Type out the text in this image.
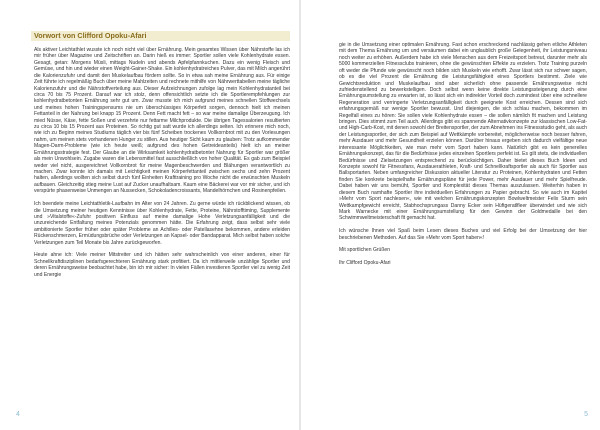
Vorwort von Clifford Opoku-Afari

Als aktiver Leichtathlet wusste ich noch nicht viel über Ernährung. Mein gesamtes Wissen über Nährstoffe las ich mir früher über Magazine und Zeitschriften an. Darin hieß es immer: Sportler sollen viele Kohlenhydrate essen. Gesagt, getan: Morgens Müsli, mittags Nudeln und abends Apfelpfannkuchen. Dazu ein wenig Fleisch und Gemüse, und hin und wieder einen Weight-Gainer-Shake. Ein kohlenhydratreiches Pulver, das mit Milch angerührt die Kalorienzufuhr und damit den Muskelaufbau fördern sollte. So in etwa sah meine Ernährung aus. Für einige Zeit führte ich regelmäßig Buch über meine Mahlzeiten und rechnete mithilfe von Nährwerttabellen meine tägliche Kalorienzufuhr und die Nährstoffverteilung aus. Dieser Aufzeichnungen zufolge lag mein Kohlenhydratanteil bei circa 70 bis 75 Prozent. Darauf war ich stolz, denn offensichtlich setzte ich die Sportlerempfehlungen zur kohlenhydratbetonten Ernährung sehr gut um. Zwar musste ich mich aufgrund meines schnellen Stoffwechsels und meines hohen Trainingspensums nie um überschüssiges Körperfett sorgen, dennoch hielt ich meinen Fettanteil in der Nahrung bei knapp 15 Prozent. Denn Fett macht fett – so war meine damalige Überzeugung. Ich mied Nüsse, Käse, fette Soßen und verzehrte nur fettarme Milchprodukte. Die übrigen Tagessalorien resultierten zu circa 10 bis 15 Prozent aus Proteinen. So richtig gut satt wurde ich allerdings selten. Ich erinnere mich noch, wie ich zu Beginn meines Studiums täglich vier bis fünf Scheiben trockenes Vollkornbrot mit zu den Vorlesungen nahm, um meinen stets vorhandenen Hunger zu stillen. Aus heutiger Sicht kaum zu glauben: Trotz aufkommender Magen-Darm-Probleme (wie ich heute weiß; aufgrund des hohen Getreideanteils) hielt ich an meiner Ernährungsstrategie fest. Der Glaube an die Wirksamkeit kohlenhydratbetonter Nahrung für Sportler war größer als mein Unwohlsein. Zugabe waren die Lebensmittel fast ausschließlich von hoher Qualität. Es gab zum Beispiel weder viel nicht, ausgereichnet Vollkornbrot für meine Magenbeschwerden und Blähungen verantwortlich zu machen. Zwar konnte ich damals mit Leichtigkeit meinen Körperfettanteil zwischen sechs und zehn Prozent halten, allerdings wollten sich selbst durch fünf Einheiten Krafttraining pro Woche nicht die erwünschten Muskeln aufbauen. Gleichzeitig stieg meine Lust auf Zucker unaufhaltsam. Kaum eine Bäckerei war vor mir sicher, und ich verspürte phasenweise Unmengen an Nussecken, Schokoladencroissants, Mandelhörnchen und Rosinenpfeilen.

Ich beendete meine Leichtathletik-Laufbahn im Alter von 24 Jahren. Zu gerne würde ich rückblickend wissen, ob die Umsetzung meiner heutigen Kenntnisse über Kohlenhydrate, Fette, Proteine, Nährstofftiming, Supplemente und »Vitalstoffe«-Zufuhr positiven Einfluss auf meine damalige Hohe Verletzungsanfälligkeit und die unzureichende Entfaltung meines Potenzials genommen hätte. Die Erfahrung zeigt, dass selbst sehr viele ambitionierte Sportler früher oder später Probleme an Achilles- oder Patellasehne bekommen, andere erleiden Rückenschmerzen, Ermüdungsbrüche oder Verletzungen an Kapsel- oder Bandapparat. Mich selbst haben solche Verletzungen zum Teil Monate bis Jahre zurückgeworfen.

Heute ahne ich: Viele meiner Mitstreiter und ich hätten sehr wahrscheinlich von einer anderen, einer für Schnellkraftdisziplinen bedarfsgerechteren Ernährung stark profitiert. Da ich mittlerweile unzählige Sportler und deren Ernährungsweise beobachtet habe, bin ich mir sicher: In vielen Fällen investieren Sportler viel zu wenig Zeit und Energie

4

gie in die Umsetzung einer optimalen Ernährung. Fast schon erschreckend nachlässig gehen etliche Athleten mit dem Thema Ernährung um und versäumen dabei ein unglaublich große Gelegenheit, ihr Leistungsniveau noch weiter zu erhöhen. Außerdem habe ich viele Menschen aus dem Freizeitsport betreut, darunter mehr als 5000 kommerziellen Fitnessclubs trainieren, ohne die gewünschten Effekte zu erzielen. Trotz Training purzeln oft weder die Pfunde wie gewünscht noch bilden sich Muskeln wie erhofft. Zwar lässt sich nur schwer sagen, ob es die viel Prozent die Ernährung die Leistungsfähigkeit eines Sportlers bestimmt. Ziele wie Gewichtsreduktion und Muskelaufbau sind aber sicherlich ohne passende Ernährungsweise nicht zufriedenstellend zu bewerkstelligen. Doch selbst wenn keine direkte Leistungssteigerung durch eine Ernährungsumstellung zu erwarten ist, so lässt sich ein indirekter Vorteil doch zumindest über eine schnellere Regeneration und verringerte Verletzungsanfälligkeit durch geeignete Kost erreichen. Dessen sind sich erfahrungsgemäß nur wenige Sportler bewusst. Und diejenigen, die sich schlau machen, bekommen im Regelfall eines zu hören: Sie sollen viele Kohlenhydrate essen – die sollen nämlich fit machen und Leistung bringen. Dies stimmt zum Teil auch. Allerdings gibt es spannende Alternativkonzepte zur klassischen Low-Fat- und High-Carb-Kost, mit denen sowohl der Breitensportler, der zum Abnehmen ins Fitnessstudio geht, als auch der Leistungssportler, der sich zum Beispiel auf Wettkämpfe vorbereitet, möglicherweise noch besser fahren, mehr Ausdauer und mehr Gesundheit erzielen können. Darüber hinaus ergeben sich dadurch vielfältige neue interessante Möglichkeiten, wie man mehr vom Sport haben kann. Natürlich gibt es kein generelles Ernährungskonzept, das für die Bedürfnisse jedes einzelnen Sportlers perfekt ist. Es gilt stets, die individuellen Bedürfnisse und Zielsetzungen entsprechend zu berücksichtigen. Daher bietet dieses Buch Ideen und Konzepte sowohl für Fitnessfans, Ausdauerathleten, Kraft- und Schnellkraftsportler als auch für Sportler aus Ballsportarten. Neben umfangreicher Diskussion aktueller Literatur zu Proteinen, Kohlenhydraten und Fetten finden Sie konkrete beispielhafte Ernährungspläne für jede Power, mehr Ausdauer und mehr Spielfreude. Dabei haben wir uns bemüht, Sportler und Komplexität dieses Themas auszulassen. Weiterhin haben in diesem Buch namhafte Sportler ihre individuellen Erfahrungen zu Papier gebracht. So wie auch im Kapitel »Mehr vom Sport nachlesen«, wie mit welchen Ernährungskonzepten Bowlweltmeister Felix Sturm sein Wettkampfgewicht erreicht, Stabhochsprungass Danny Ecker sein Hüftgeratlfleer überwindet und wie sich Mark Warnecke mit einer Ernährungsumstellung für den Gewinn der Goldmedaille bei den Schwimmweltmeisterschaft fit gemacht hat.

Ich wünsche Ihnen viel Spaß beim Lesen dieses Buches und viel Erfolg bei der Umsetzung der hier beschriebenen Methoden. Auf das Sie »Mehr vom Sport haben«!

Mit sportlichen Grüßen

Ihr Clifford Opoku-Afari

5
